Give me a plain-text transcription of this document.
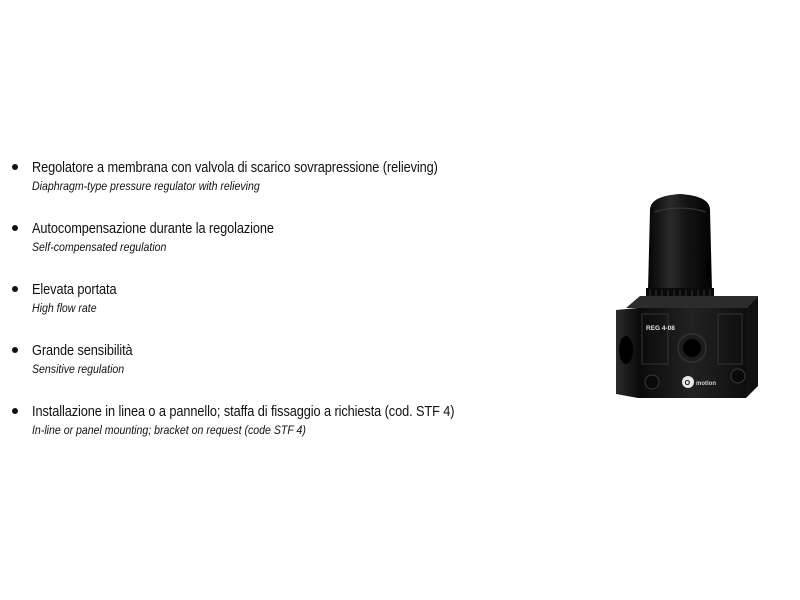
Regolatore a membrana con valvola di scarico sovrapressione (relieving)
Diaphragm-type pressure regulator with relieving
Autocompensazione durante la regolazione
Self-compensated regulation
Elevata portata
High flow rate
Grande sensibilità
Sensitive regulation
Installazione in linea o a pannello; staffa di fissaggio a richiesta (cod. STF 4)
In-line or panel mounting; bracket on request (code STF 4)
REG 4-08
O motion
